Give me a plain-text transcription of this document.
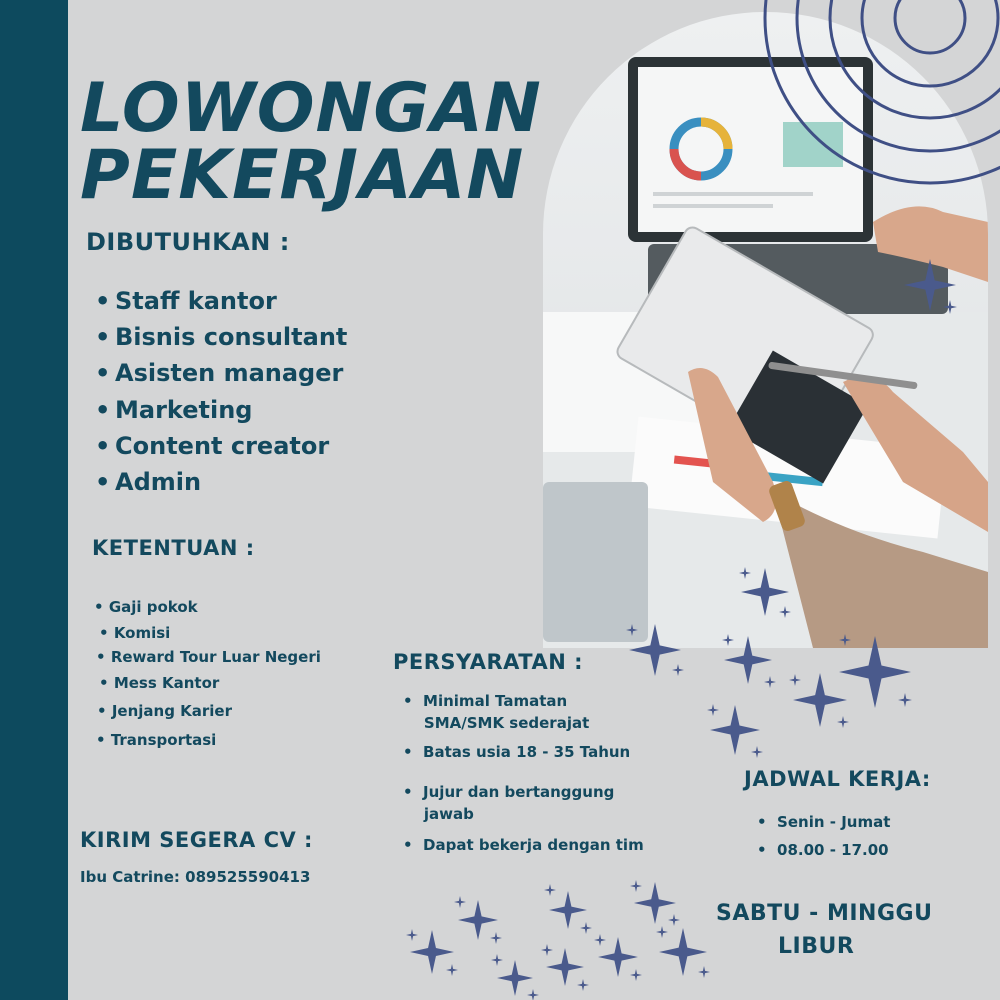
LOWONGAN
PEKERJAAN
DIBUTUHKAN :
• Staff kantor
• Bisnis consultant
• Asisten manager
• Marketing
• Content creator
• Admin
KETENTUAN :
• Gaji pokok
• Komisi
• Reward Tour Luar Negeri
• Mess Kantor
• Jenjang Karier
• Transportasi
PERSYARATAN :
•  Minimal Tamatan
SMA/SMK sederajat
•  Batas usia 18 - 35 Tahun
•  Jujur dan bertanggung
jawab
•  Dapat bekerja dengan tim
JADWAL KERJA:
•  Senin - Jumat
•  08.00 - 17.00
SABTU - MINGGU
LIBUR
KIRIM SEGERA CV :
Ibu Catrine: 089525590413
